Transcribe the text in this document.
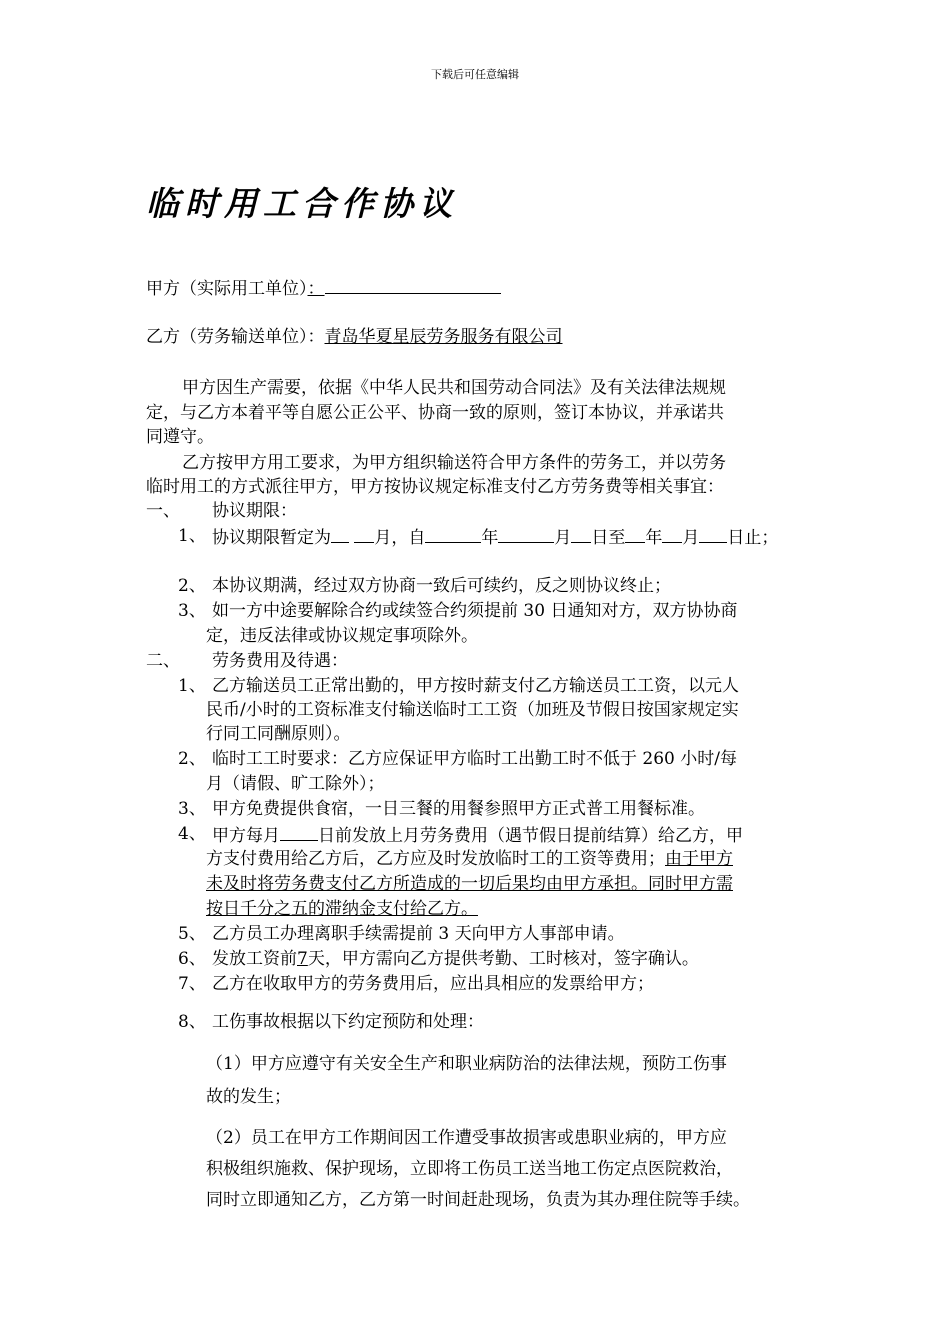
下载后可任意编辑
临时用工合作协议
甲方（实际用工单位）：
乙方（劳务输送单位）：青岛华夏星辰劳务服务有限公司
甲方因生产需要，依据《中华人民共和国劳动合同法》及有关法律法规规
定，与乙方本着平等自愿公正公平、协商一致的原则，签订本协议，并承诺共
同遵守。
乙方按甲方用工要求，为甲方组织输送符合甲方条件的劳务工，并以劳务
临时用工的方式派往甲方，甲方按协议规定标准支付乙方劳务费等相关事宜：
一、 协议期限：
1、 协议期限暂定为	月，自	年	月 日至 年 月 日止；
2、 本协议期满，经过双方协商一致后可续约，反之则协议终止；
3、 如一方中途要解除合约或续签合约须提前 30 日通知对方，双方协协商
定，违反法律或协议规定事项除外。
二、 劳务费用及待遇：
1、 乙方输送员工正常出勤的，甲方按时薪支付乙方输送员工工资，以元人
民币/小时的工资标准支付输送临时工工资（加班及节假日按国家规定实
行同工同酬原则）。
2、 临时工工时要求：乙方应保证甲方临时工出勤工时不低于 260 小时/每
月（请假、旷工除外）；
3、 甲方免费提供食宿，一日三餐的用餐参照甲方正式普工用餐标准。
4、 甲方每月 日前发放上月劳务费用（遇节假日提前结算）给乙方，甲
方支付费用给乙方后，乙方应及时发放临时工的工资等费用；由于甲方
未及时将劳务费支付乙方所造成的一切后果均由甲方承担。同时甲方需
按日千分之五的滞纳金支付给乙方。
5、 乙方员工办理离职手续需提前 3 天向甲方人事部申请。
6、 发放工资前7天，甲方需向乙方提供考勤、工时核对，签字确认。
7、 乙方在收取甲方的劳务费用后，应出具相应的发票给甲方；
8、 工伤事故根据以下约定预防和处理：
（1）甲方应遵守有关安全生产和职业病防治的法律法规，预防工伤事
故的发生；
（2）员工在甲方工作期间因工作遭受事故损害或患职业病的，甲方应
积极组织施救、保护现场，立即将工伤员工送当地工伤定点医院救治，
同时立即通知乙方，乙方第一时间赶赴现场，负责为其办理住院等手续。
